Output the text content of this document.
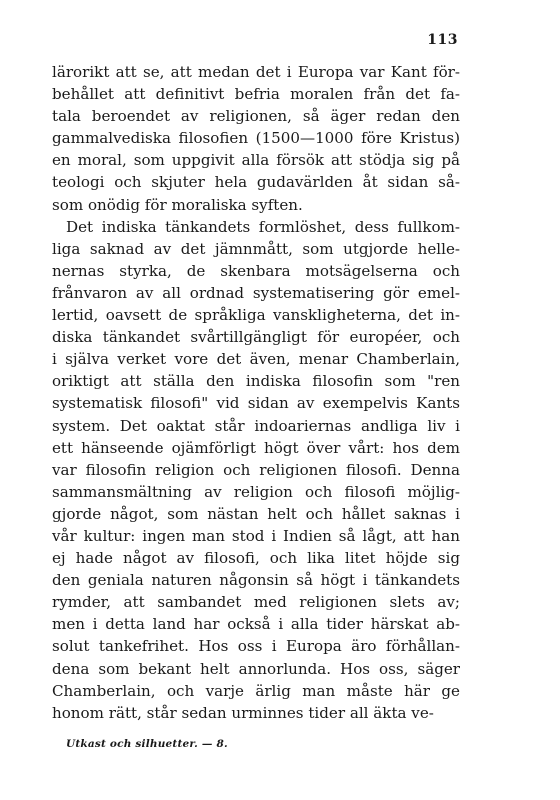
113
lärorikt att se, att medan det i Europa var Kant för-
behållet att definitivt befria moralen från det fa-
tala beroendet av religionen, så äger redan den
gammalvediska filosofien (1500—1000 före Kristus)
en moral, som uppgivit alla försök att stödja sig på
teologi och skjuter hela gudavärlden åt sidan så-
som onödig för moraliska syften.
Det indiska tänkandets formlöshet, dess fullkom-
liga saknad av det jämnmått, som utgjorde helle-
nernas styrka, de skenbara motsägelserna och
frånvaron av all ordnad systematisering gör emel-
lertid, oavsett de språkliga vanskligheterna, det in-
diska tänkandet svårtillgängligt för européer, och
i själva verket vore det även, menar Chamberlain,
oriktigt att ställa den indiska filosofin som "ren
systematisk filosofi" vid sidan av exempelvis Kants
system. Det oaktat står indoariernas andliga liv i
ett hänseende ojämförligt högt över vårt: hos dem
var filosofin religion och religionen filosofi. Denna
sammansmältning av religion och filosofi möjlig-
gjorde något, som nästan helt och hållet saknas i
vår kultur: ingen man stod i Indien så lågt, att han
ej hade något av filosofi, och lika litet höjde sig
den geniala naturen någonsin så högt i tänkandets
rymder, att sambandet med religionen slets av;
men i detta land har också i alla tider härskat ab-
solut tankefrihet. Hos oss i Europa äro förhållan-
dena som bekant helt annorlunda. Hos oss, säger
Chamberlain, och varje ärlig man måste här ge
honom rätt, står sedan urminnes tider all äkta ve-
Utkast och silhuetter. — 8.
